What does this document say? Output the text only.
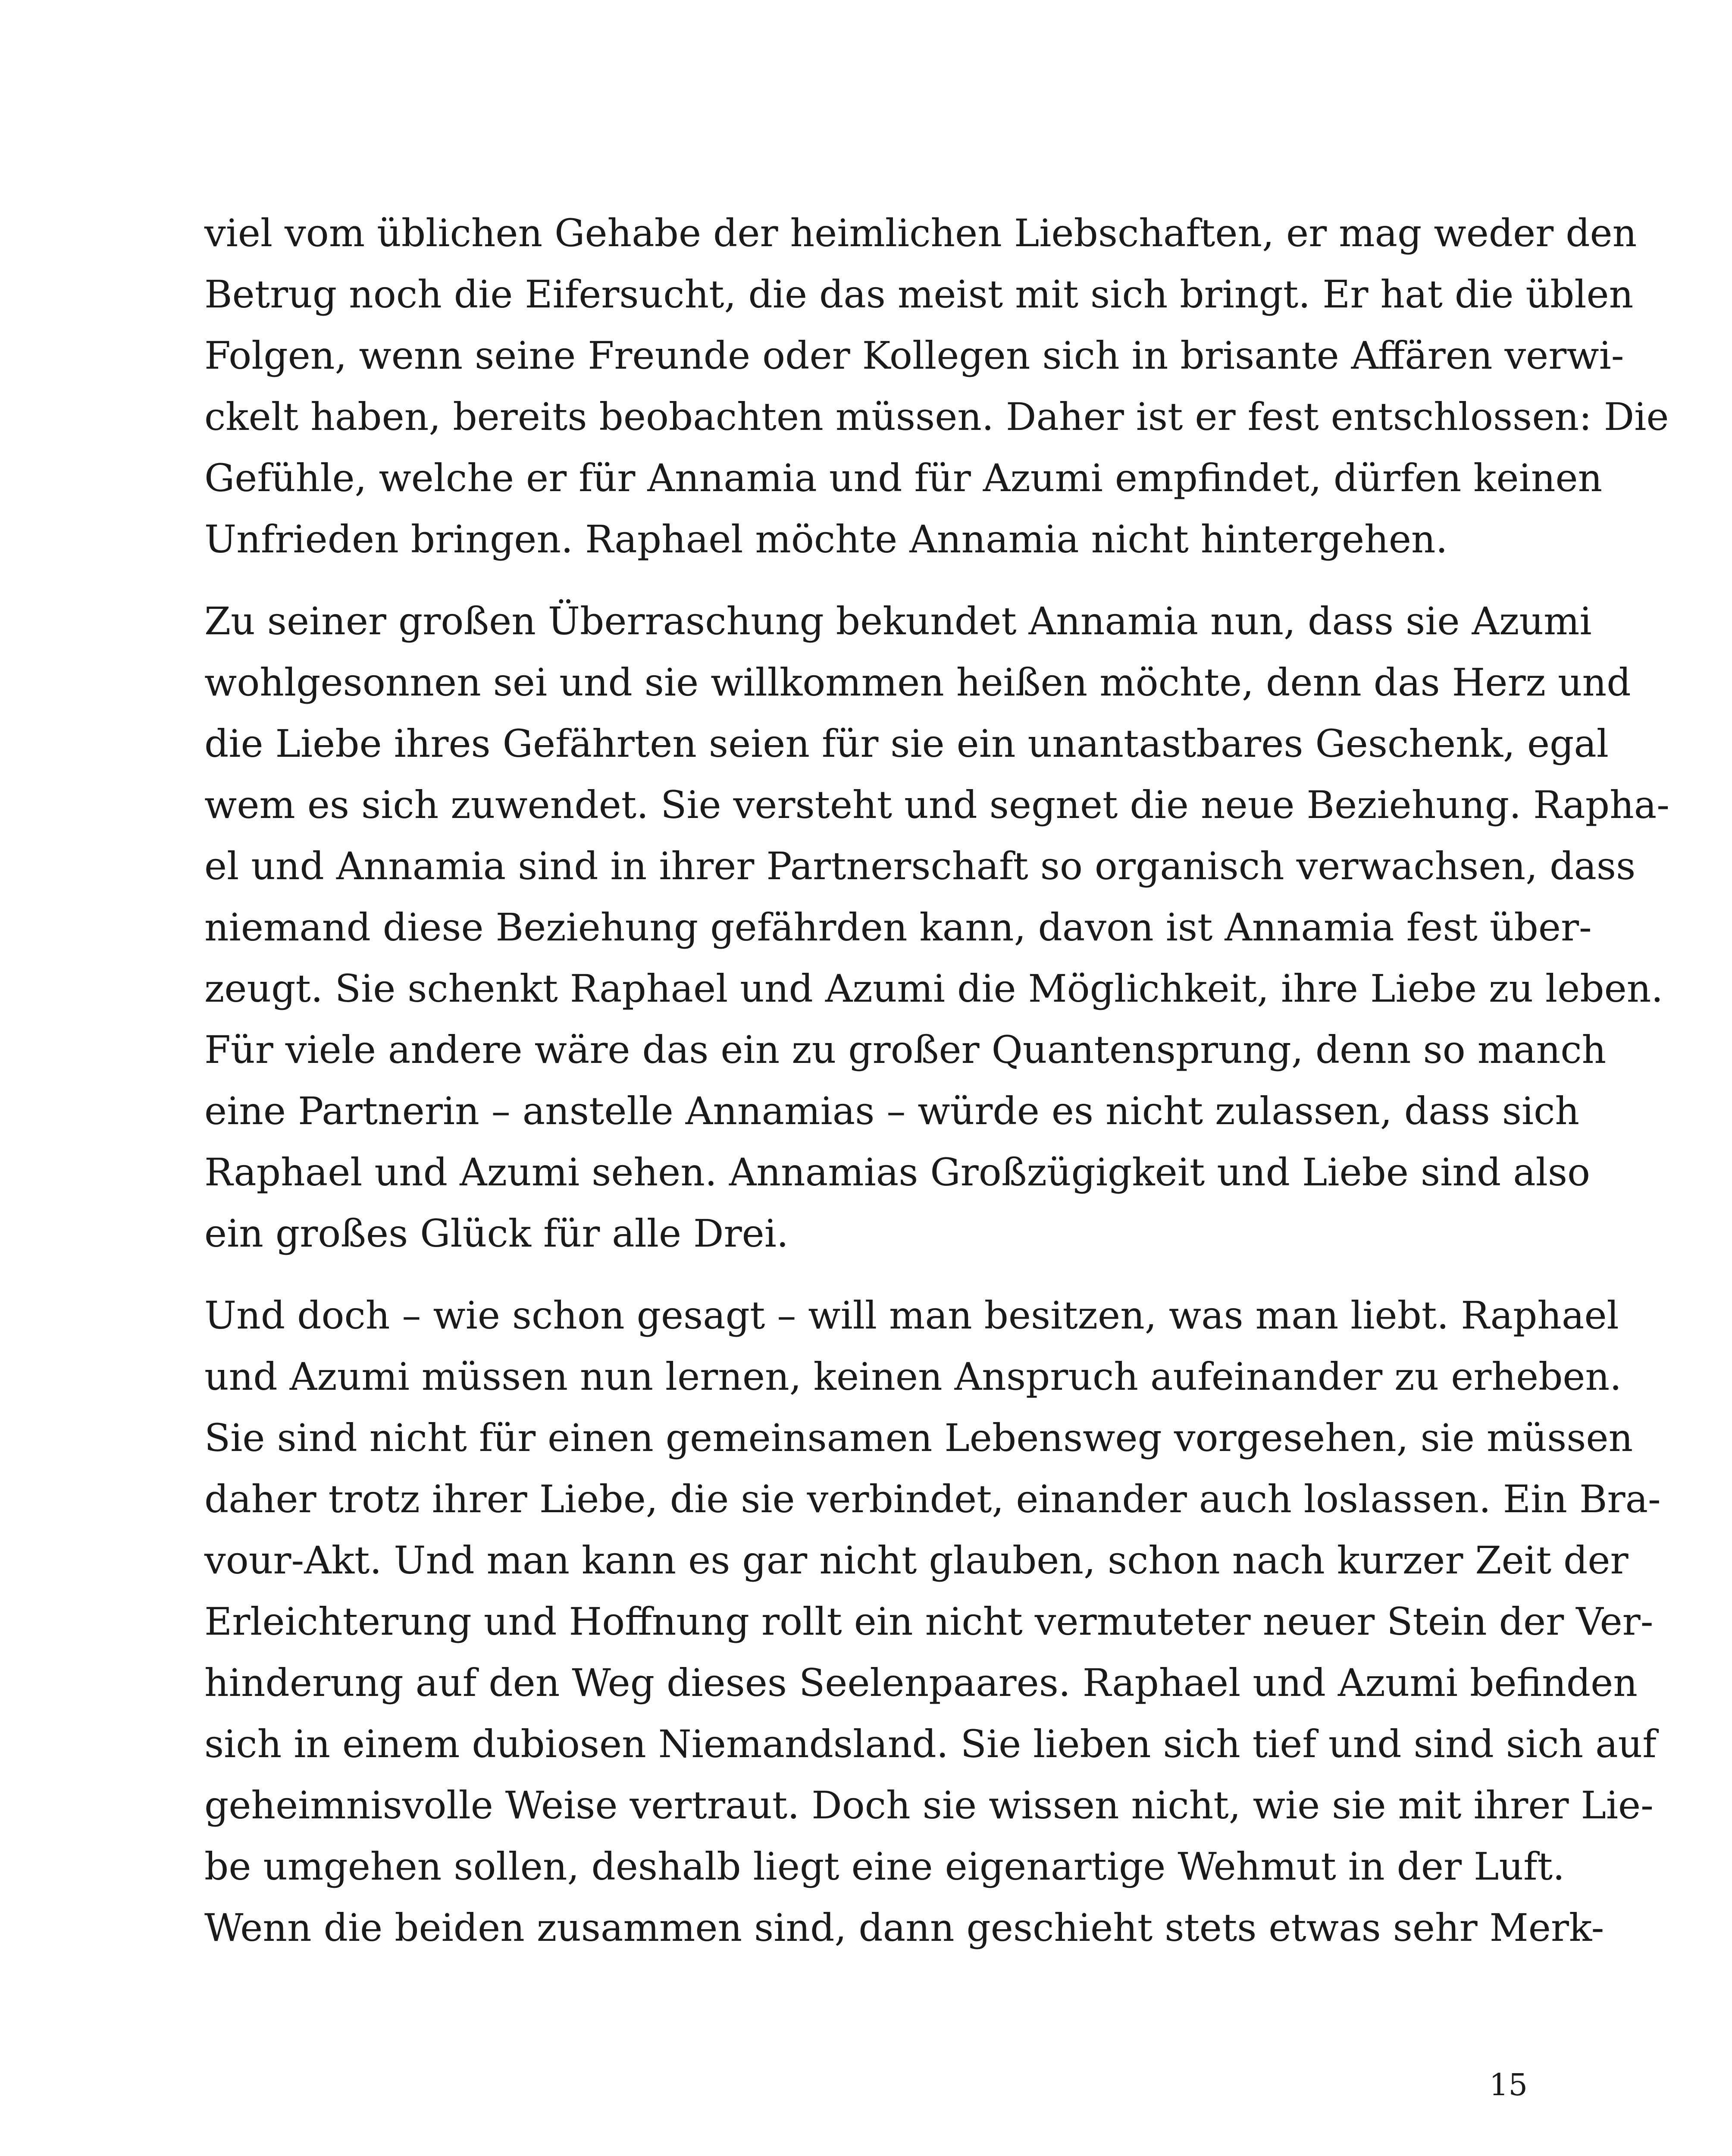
viel vom üblichen Gehabe der heimlichen Liebschaften, er mag weder den
Betrug noch die Eifersucht, die das meist mit sich bringt. Er hat die üblen
Folgen, wenn seine Freunde oder Kollegen sich in brisante Affären verwi-
ckelt haben, bereits beobachten müssen. Daher ist er fest entschlossen: Die
Gefühle, welche er für Annamia und für Azumi empfindet, dürfen keinen
Unfrieden bringen. Raphael möchte Annamia nicht hintergehen.

Zu seiner großen Überraschung bekundet Annamia nun, dass sie Azumi
wohlgesonnen sei und sie willkommen heißen möchte, denn das Herz und
die Liebe ihres Gefährten seien für sie ein unantastbares Geschenk, egal
wem es sich zuwendet. Sie versteht und segnet die neue Beziehung. Rapha-
el und Annamia sind in ihrer Partnerschaft so organisch verwachsen, dass
niemand diese Beziehung gefährden kann, davon ist Annamia fest über-
zeugt. Sie schenkt Raphael und Azumi die Möglichkeit, ihre Liebe zu leben.
Für viele andere wäre das ein zu großer Quantensprung, denn so manch
eine Partnerin – anstelle Annamias – würde es nicht zulassen, dass sich
Raphael und Azumi sehen. Annamias Großzügigkeit und Liebe sind also
ein großes Glück für alle Drei.

Und doch – wie schon gesagt – will man besitzen, was man liebt. Raphael
und Azumi müssen nun lernen, keinen Anspruch aufeinander zu erheben.
Sie sind nicht für einen gemeinsamen Lebensweg vorgesehen, sie müssen
daher trotz ihrer Liebe, die sie verbindet, einander auch loslassen. Ein Bra-
vour-Akt. Und man kann es gar nicht glauben, schon nach kurzer Zeit der
Erleichterung und Hoffnung rollt ein nicht vermuteter neuer Stein der Ver-
hinderung auf den Weg dieses Seelenpaares. Raphael und Azumi befinden
sich in einem dubiosen Niemandsland. Sie lieben sich tief und sind sich auf
geheimnisvolle Weise vertraut. Doch sie wissen nicht, wie sie mit ihrer Lie-
be umgehen sollen, deshalb liegt eine eigenartige Wehmut in der Luft.
Wenn die beiden zusammen sind, dann geschieht stets etwas sehr Merk-

15
